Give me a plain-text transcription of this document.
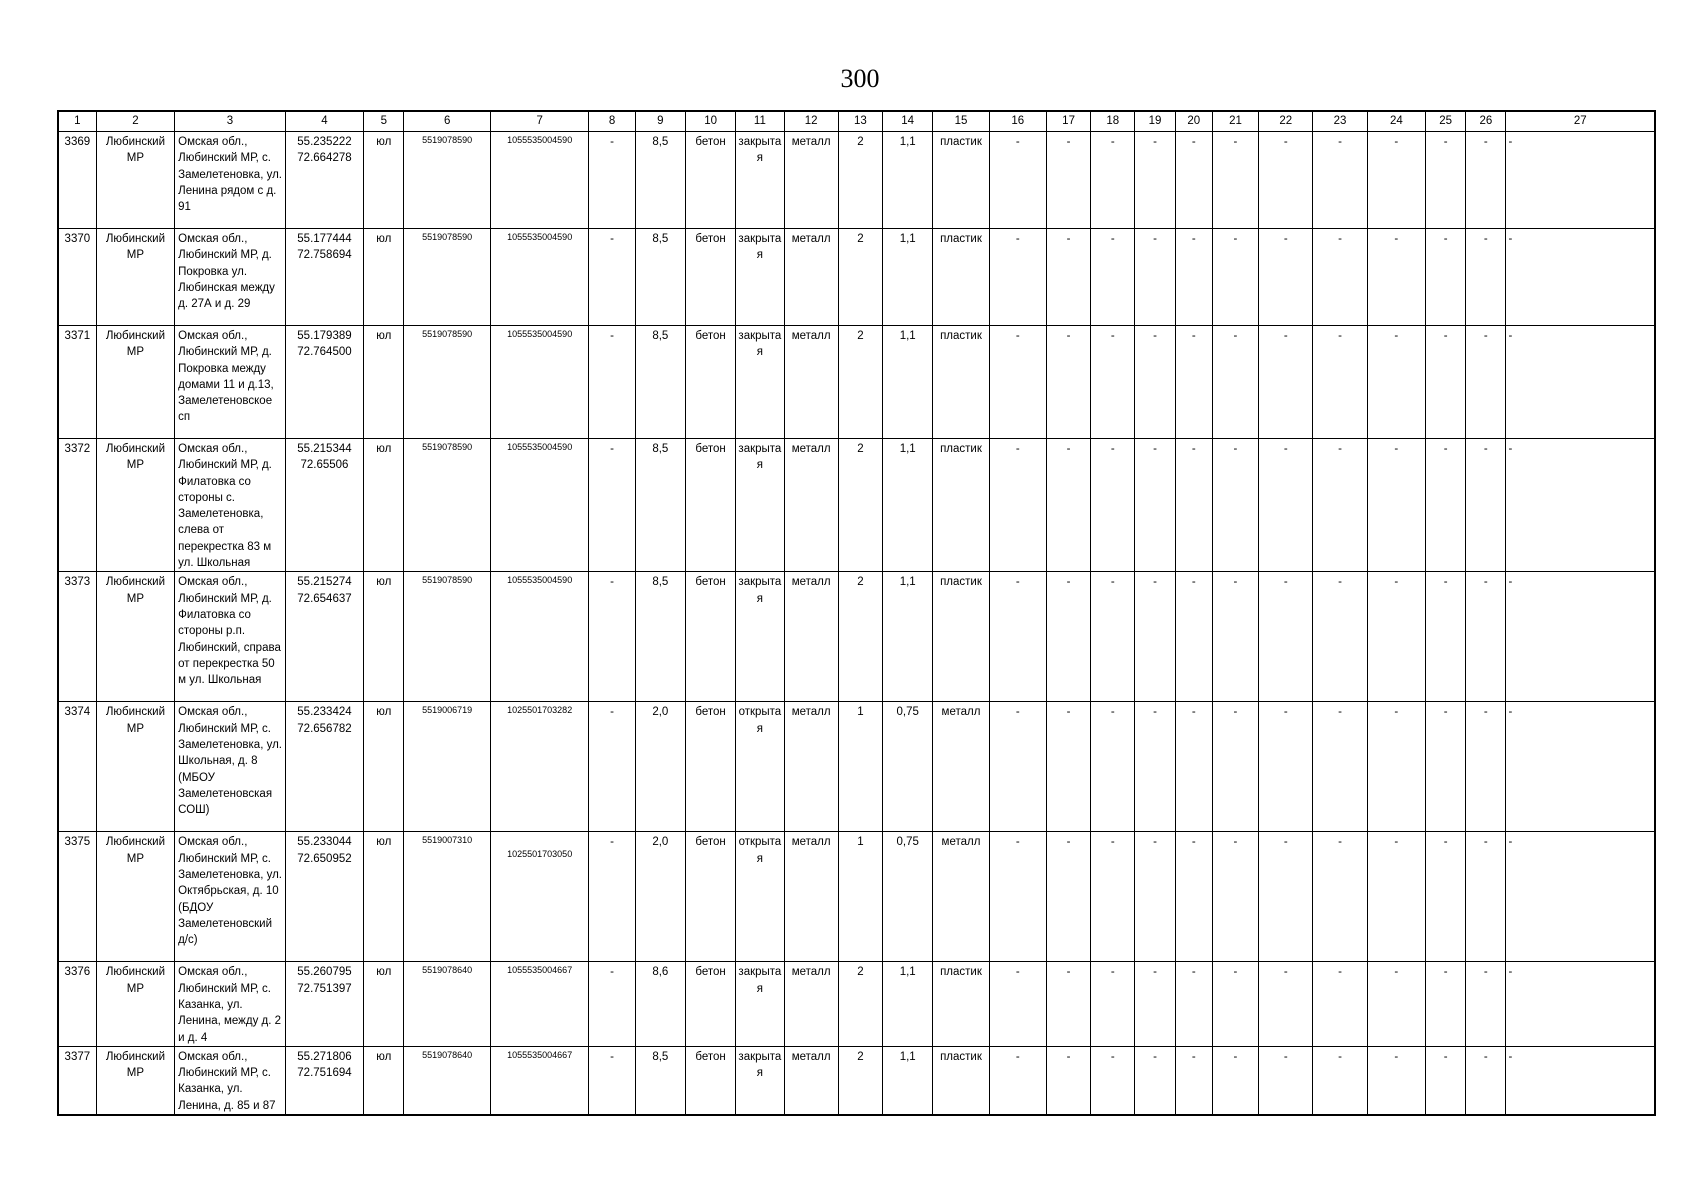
300
1	2	3	4	5	6	7	8	9	10	11	12	13	14	15	16	17	18	19	20	21	22	23	24	25	26	27
3369	Любинский МР	Омская обл., Любинский МР, с. Замелетеновка, ул. Ленина рядом с д. 91	55.235222 72.664278	юл	5519078590	1055535004590	-	8,5	бетон	закрытая	металл	2	1,1	пластик	-	-	-	-	-	-	-	-	-	-	-	-
3370	Любинский МР	Омская обл., Любинский МР, д. Покровка ул. Любинская между д. 27А и д. 29	55.177444 72.758694	юл	5519078590	1055535004590	-	8,5	бетон	закрытая	металл	2	1,1	пластик	-	-	-	-	-	-	-	-	-	-	-	-
3371	Любинский МР	Омская обл., Любинский МР, д. Покровка между домами 11 и д.13, Замелетеновское сп	55.179389 72.764500	юл	5519078590	1055535004590	-	8,5	бетон	закрытая	металл	2	1,1	пластик	-	-	-	-	-	-	-	-	-	-	-	-
3372	Любинский МР	Омская обл., Любинский МР, д. Филатовка со стороны с. Замелетеновка, слева от перекрестка 83 м ул. Школьная	55.215344 72.65506	юл	5519078590	1055535004590	-	8,5	бетон	закрытая	металл	2	1,1	пластик	-	-	-	-	-	-	-	-	-	-	-	-
3373	Любинский МР	Омская обл., Любинский МР, д. Филатовка со стороны р.п. Любинский, справа от перекрестка 50 м ул. Школьная	55.215274 72.654637	юл	5519078590	1055535004590	-	8,5	бетон	закрытая	металл	2	1,1	пластик	-	-	-	-	-	-	-	-	-	-	-	-
3374	Любинский МР	Омская обл., Любинский МР, с. Замелетеновка, ул. Школьная, д. 8 (МБОУ Замелетеновская СОШ)	55.233424 72.656782	юл	5519006719	1025501703282	-	2,0	бетон	открытая	металл	1	0,75	металл	-	-	-	-	-	-	-	-	-	-	-	-
3375	Любинский МР	Омская обл., Любинский МР, с. Замелетеновка, ул. Октябрьская, д. 10 (БДОУ Замелетеновский д/с)	55.233044 72.650952	юл	5519007310	1025501703050	-	2,0	бетон	открытая	металл	1	0,75	металл	-	-	-	-	-	-	-	-	-	-	-	-
3376	Любинский МР	Омская обл., Любинский МР, с. Казанка, ул. Ленина, между д. 2 и д. 4	55.260795 72.751397	юл	5519078640	1055535004667	-	8,6	бетон	закрытая	металл	2	1,1	пластик	-	-	-	-	-	-	-	-	-	-	-	-
3377	Любинский МР	Омская обл., Любинский МР, с. Казанка, ул. Ленина, д. 85 и 87	55.271806 72.751694	юл	5519078640	1055535004667	-	8,5	бетон	закрытая	металл	2	1,1	пластик	-	-	-	-	-	-	-	-	-	-	-	-
